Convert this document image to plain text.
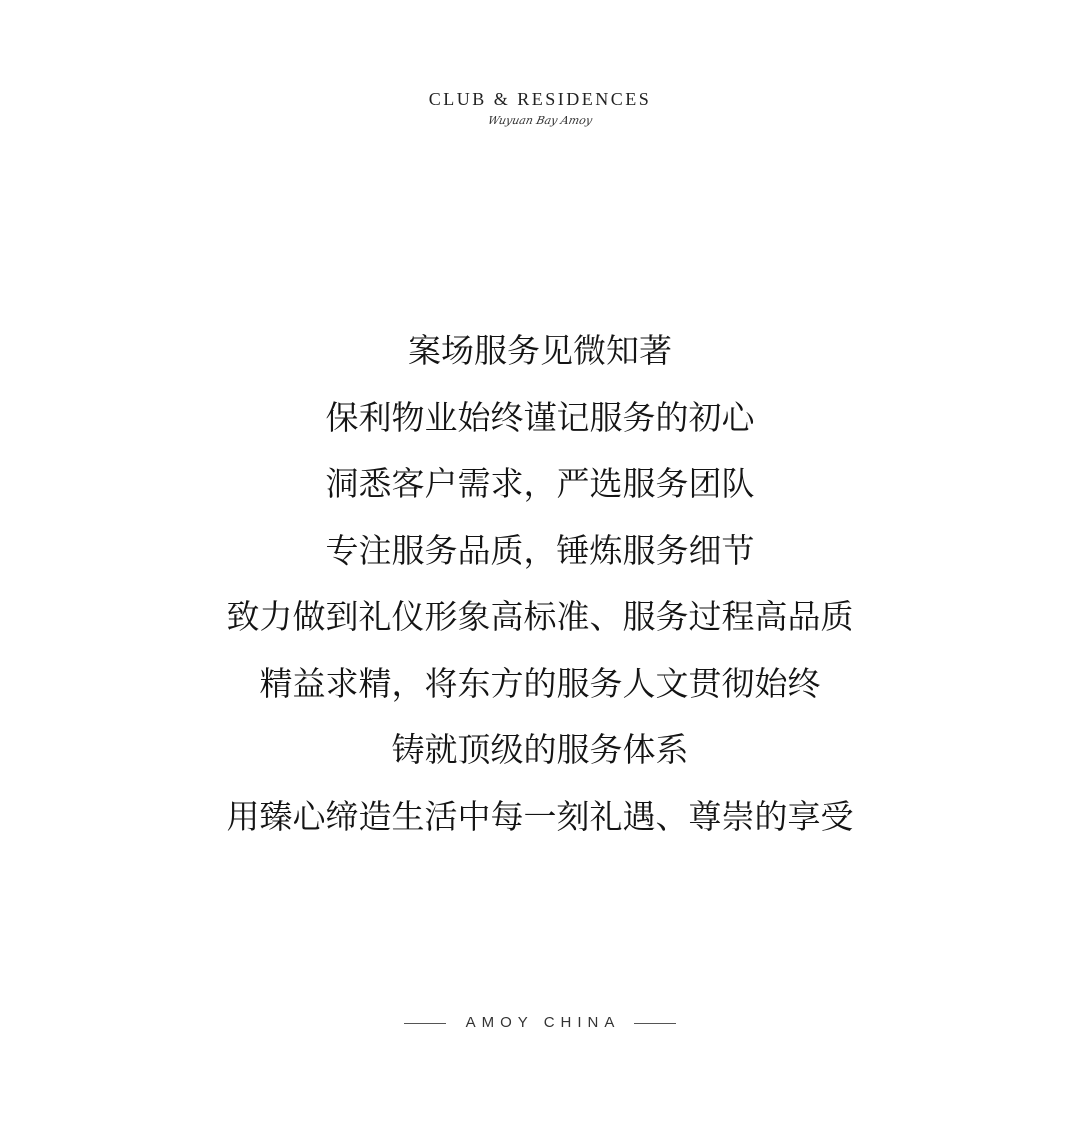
CLUB & RESIDENCES
Wuyuan Bay Amoy
案场服务见微知著
保利物业始终谨记服务的初心
洞悉客户需求，严选服务团队
专注服务品质，锤炼服务细节
致力做到礼仪形象高标准、服务过程高品质
精益求精，将东方的服务人文贯彻始终
铸就顶级的服务体系
用臻心缔造生活中每一刻礼遇、尊崇的享受
AMOY CHINA
